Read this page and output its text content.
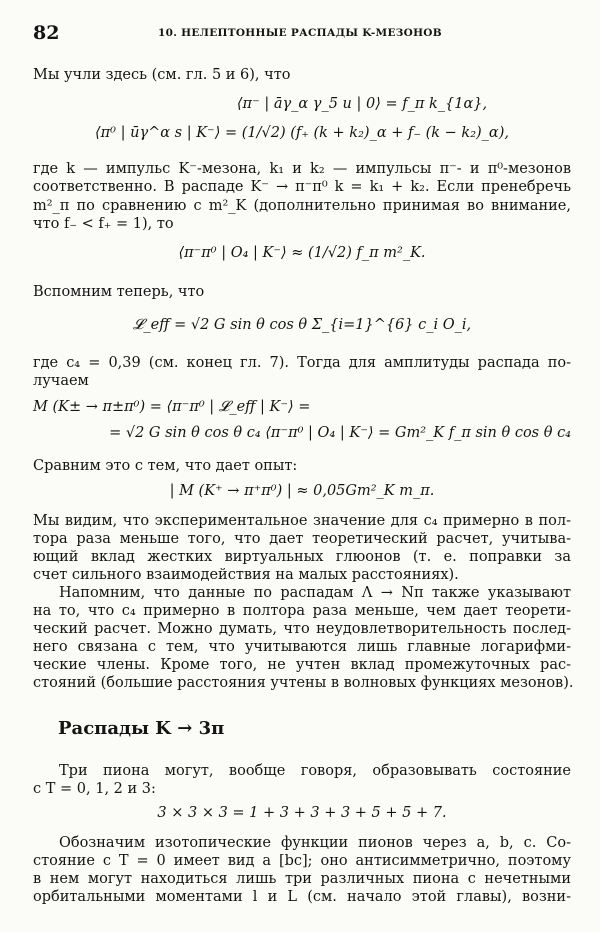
82	10. НЕЛЕПТОННЫЕ РАСПАДЫ K-МЕЗОНОВ
Мы учли здесь (см. гл. 5 и 6), что
⟨π⁻ | āγ_α γ_5 u | 0⟩ = f_π k_{1α},
⟨π⁰ | ūγ^α s | K⁻⟩ = (1/√2) (f₊ (k + k₂)_α + f₋ (k − k₂)_α),
где k — импульс K⁻-мезона, k₁ и k₂ — импульсы π⁻- и π⁰-мезонов
соответственно. В распаде K⁻ → π⁻π⁰ k = k₁ + k₂. Если пренебречь
m²_π по сравнению с m²_K (дополнительно принимая во внимание,
что f₋ < f₊ = 1), то
⟨π⁻π⁰ | O₄ | K⁻⟩ ≈ (1/√2) f_π m²_K.
Вспомним теперь, что
𝓛_eff = √2 G sin θ cos θ Σ_{i=1}^{6} c_i O_i,
где c₄ = 0,39 (см. конец гл. 7). Тогда для амплитуды распада по-
лучаем
M (K± → π±π⁰) = ⟨π⁻π⁰ | 𝓛_eff | K⁻⟩ =
= √2 G sin θ cos θ c₄ ⟨π⁻π⁰ | O₄ | K⁻⟩ = Gm²_K f_π sin θ cos θ c₄
Сравним это с тем, что дает опыт:
| M (K⁺ → π⁺π⁰) | ≈ 0,05Gm²_K m_π.
Мы видим, что экспериментальное значение для c₄ примерно в пол-
тора раза меньше того, что дает теоретический расчет, учитыва-
ющий вклад жестких виртуальных глюонов (т. е. поправки за
счет сильного взаимодействия на малых расстояниях).
Напомним, что данные по распадам Λ → Nπ также указывают
на то, что c₄ примерно в полтора раза меньше, чем дает теорети-
ческий расчет. Можно думать, что неудовлетворительность послед-
него связана с тем, что учитываются лишь главные логарифми-
ческие члены. Кроме того, не учтен вклад промежуточных рас-
стояний (большие расстояния учтены в волновых функциях мезонов).
Распады K → 3π
Три пиона могут, вообще говоря, образовывать состояние
с T = 0, 1, 2 и 3:
3 × 3 × 3 = 1 + 3 + 3 + 3 + 5 + 5 + 7.
Обозначим изотопические функции пионов через a, b, c. Со-
стояние с T = 0 имеет вид a [bc]; оно антисимметрично, поэтому
в нем могут находиться лишь три различных пиона с нечетными
орбитальными моментами l и L (см. начало этой главы), возни-
